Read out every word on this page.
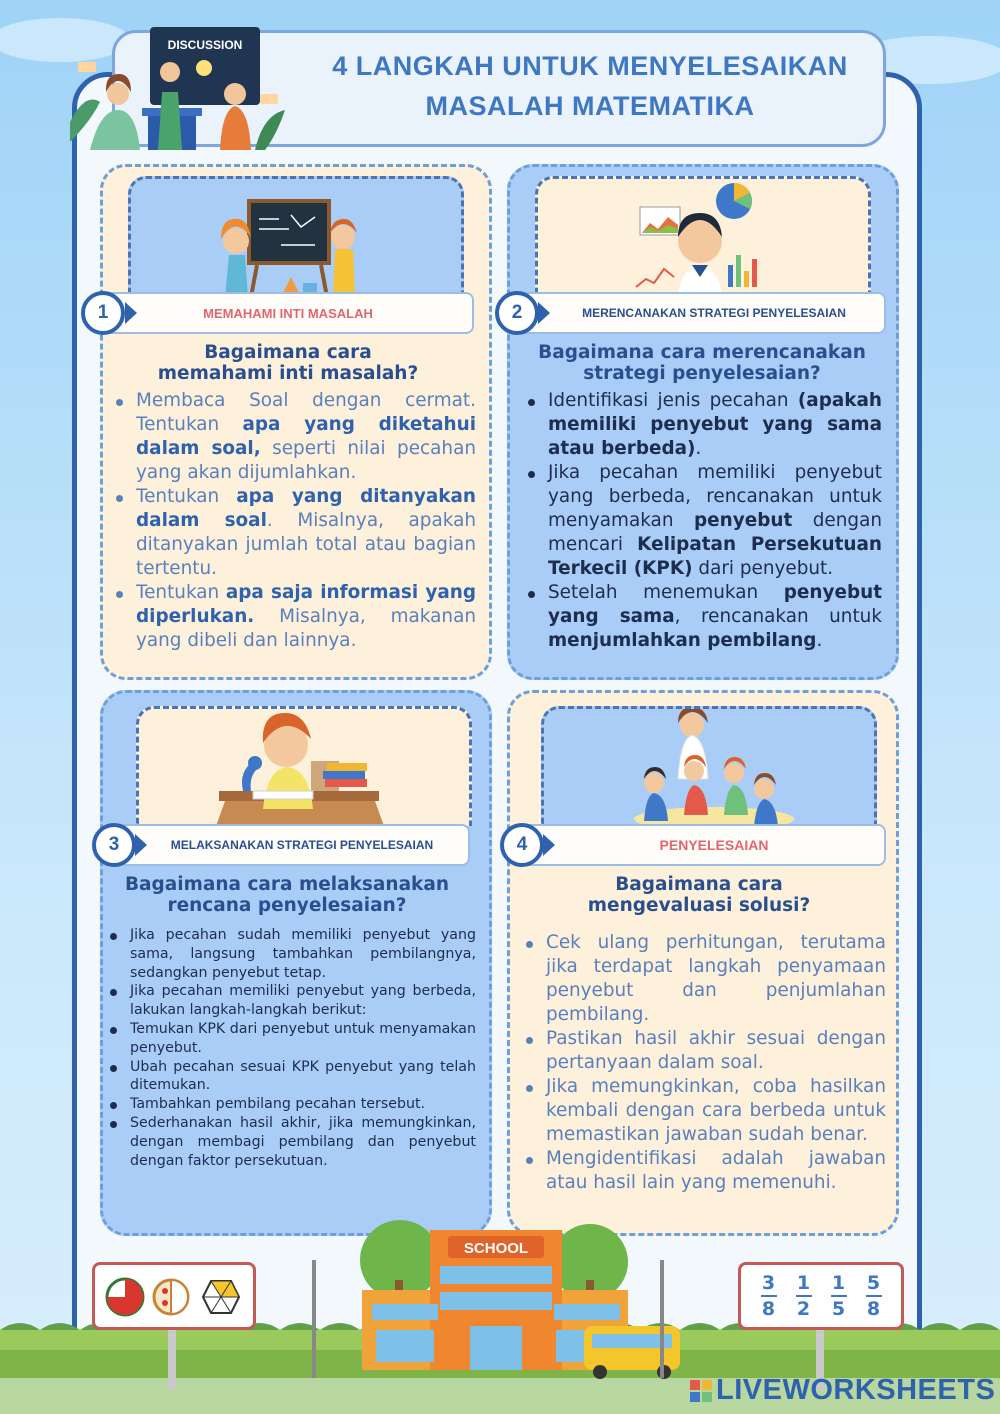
4 LANGKAH UNTUK MENYELESAIKAN
MASALAH MATEMATIKA
DISCUSSION
MEMAHAMI INTI MASALAH
1
Bagaimana cara
memahami inti masalah?
Membaca Soal dengan cermat. Tentukan apa yang diketahui dalam soal, seperti nilai pecahan yang akan dijumlahkan.
Tentukan apa yang ditanyakan dalam soal. Misalnya, apakah ditanyakan jumlah total atau bagian tertentu.
Tentukan apa saja informasi yang diperlukan. Misalnya, makanan yang dibeli dan lainnya.
MERENCANAKAN STRATEGI PENYELESAIAN
2
Bagaimana cara merencanakan
strategi penyelesaian?
Identifikasi jenis pecahan (apakah memiliki penyebut yang sama atau berbeda).
Jika pecahan memiliki penyebut yang berbeda, rencanakan untuk menyamakan penyebut dengan mencari Kelipatan Persekutuan Terkecil (KPK) dari penyebut.
Setelah menemukan penyebut yang sama, rencanakan untuk menjumlahkan pembilang.
MELAKSANAKAN STRATEGI PENYELESAIAN
3
Bagaimana cara melaksanakan
rencana penyelesaian?
Jika pecahan sudah memiliki penyebut yang sama, langsung tambahkan pembilangnya, sedangkan penyebut tetap.
Jika pecahan memiliki penyebut yang berbeda, lakukan langkah-langkah berikut:
Temukan KPK dari penyebut untuk menyamakan penyebut.
Ubah pecahan sesuai KPK penyebut yang telah ditemukan.
Tambahkan pembilang pecahan tersebut.
Sederhanakan hasil akhir, jika memungkinkan, dengan membagi pembilang dan penyebut dengan faktor persekutuan.
PENYELESAIAN
4
Bagaimana cara
mengevaluasi solusi?
Cek ulang perhitungan, terutama jika terdapat langkah penyamaan penyebut dan penjumlahan pembilang.
Pastikan hasil akhir sesuai dengan pertanyaan dalam soal.
Jika memungkinkan, coba hasilkan kembali dengan cara berbeda untuk memastikan jawaban sudah benar.
Mengidentifikasi adalah jawaban atau hasil lain yang memenuhi.
SCHOOL
$\frac{3}{8} \frac{1}{2} \frac{1}{5} \frac{5}{8}$
LIVEWORKSHEETS
